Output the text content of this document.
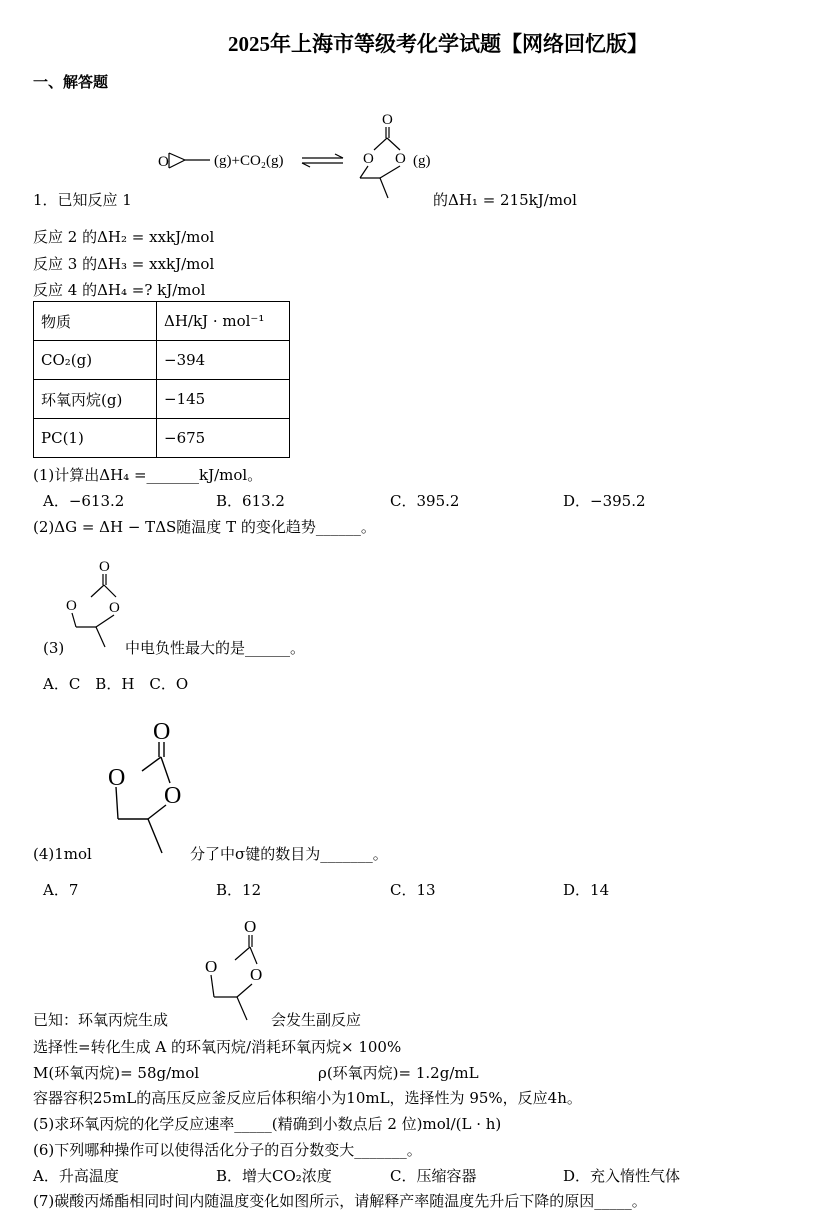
2025年上海市等级考化学试题【网络回忆版】
一、解答题
O	(g)+CO₂(g)
O
O O (g)
1．已知反应 1	的ΔH₁ = 215kJ/mol
反应 2 的ΔH₂ = xxkJ/mol
反应 3 的ΔH₃ = xxkJ/mol
反应 4 的ΔH₄ =? kJ/mol
物质	ΔH/kJ · mol⁻¹
CO₂(g)	−394
环氧丙烷(g)	−145
PC(1)	−675
(1)计算出ΔH₄ =_______kJ/mol。
A．−613.2	B．613.2	C．395.2	D．−395.2
(2)ΔG = ΔH − TΔS随温度 T 的变化趋势______。
O
O O
(3)	中电负性最大的是______。
A．C　B．H　C．O
O
O
O
(4)1mol	分了中σ键的数目为_______。
A．7	B．12	C．13	D．14
O
O O
已知：环氧丙烷生成	会发生副反应
选择性=转化生成 A 的环氧丙烷/消耗环氧丙烷× 100%
M(环氧丙烷)= 58g/mol	ρ(环氧丙烷)= 1.2g/mL
容器容积25mL的高压反应釜反应后体积缩小为10mL，选择性为 95%，反应4h。
(5)求环氧丙烷的化学反应速率_____(精确到小数点后 2 位)mol/(L · h)
(6)下列哪种操作可以使得活化分子的百分数变大_______。
A．升高温度	B．增大CO₂浓度	C．压缩容器	D．充入惰性气体
(7)碳酸丙烯酯相同时间内随温度变化如图所示，请解释产率随温度先升后下降的原因_____。
